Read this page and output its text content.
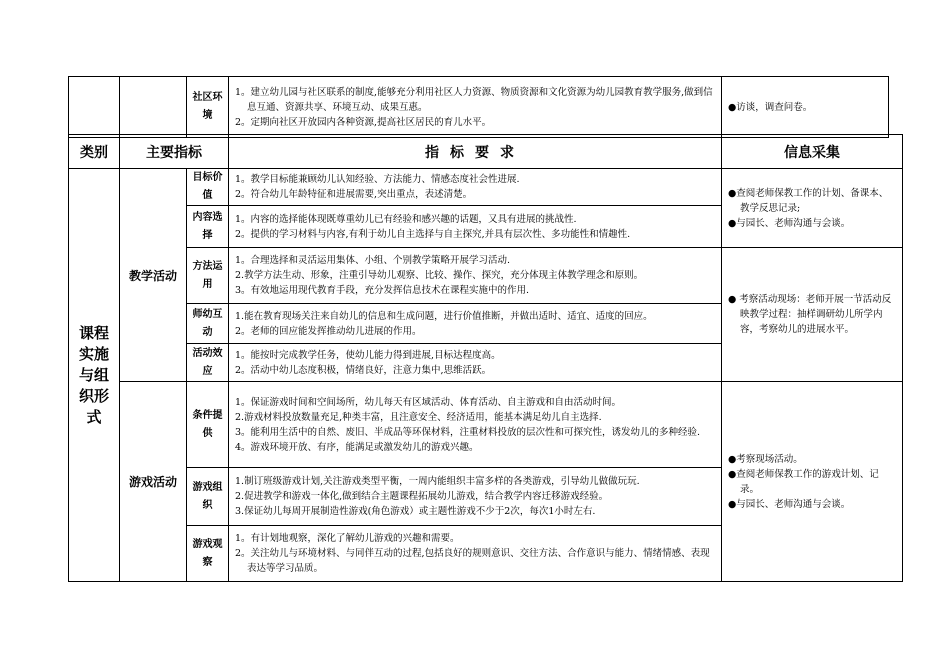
		社区环境	
1。建立幼儿园与社区联系的制度,能够充分利用社区人力资源、物质资源和文化资源为幼儿园教育教学服务,做到信息互通、资源共享、环境互动、成果互惠。
2。定期向社区开放园内各种资源,提高社区居民的育儿水平。
	●访谈，调查问卷。
类别	主要指标		指标要求	信息采集
课程实施与组织形式	教学活动	目标价值	1。教学目标能兼顾幼儿认知经验、方法能力、情感态度社会性进展.
2。符合幼儿年龄特征和进展需要,突出重点，表述清楚。	●查阅老师保教工作的计划、备课本、教学反思记录;
●与园长、老师沟通与会谈。

		内容选择	1。内容的选择能体现既尊重幼儿已有经验和感兴趣的话题，又具有进展的挑战性.
2。提供的学习材料与内容,有利于幼儿自主选择与自主探究,并具有层次性、多功能性和情趣性.	

		方法运用	1。合理选择和灵活运用集体、小组、个别教学策略开展学习活动.
2.教学方法生动、形象，注重引导幼儿观察、比较、操作、探究，充分体现主体教学理念和原则。
3。有效地运用现代教育手段，充分发挥信息技术在课程实施中的作用.	● 考察活动现场：老师开展一节活动反映教学过程：抽样调研幼儿所学内容，考察幼儿的进展水平。

		师幼互动	1.能在教育现场关注来自幼儿的信息和生成问题，进行价值推断，并做出适时、适宜、适度的回应。
2。老师的回应能发挥推动幼儿进展的作用。	

		活动效应	1。能按时完成教学任务，使幼儿能力得到进展,目标达程度高。
2。活动中幼儿态度积极，情绪良好，注意力集中,思维活跃。	

	游戏活动	条件提供	1。保证游戏时间和空间场所，幼儿每天有区域活动、体育活动、自主游戏和自由活动时间。
2.游戏材料投放数量充足,种类丰富，且注意安全、经济适用，能基本满足幼儿自主选择.
3。能利用生活中的自然、废旧、半成品等环保材料，注重材料投放的层次性和可探究性，诱发幼儿的多种经验.
4。游戏环境开放、有序，能满足或激发幼儿的游戏兴趣。	●考察现场活动。
●查阅老师保教工作的游戏计划、记录。
●与园长、老师沟通与会谈。

		游戏组织	1.制订班级游戏计划,关注游戏类型平衡，一周内能组织丰富多样的各类游戏，引导幼儿做做玩玩.
2.促进教学和游戏一体化,做到结合主题课程拓展幼儿游戏，结合教学内容迁移游戏经验。
3.保证幼儿每周开展制造性游戏(角色游戏）或主题性游戏不少于2次，每次1小时左右.	

		游戏观察	1。有计划地观察，深化了解幼儿游戏的兴趣和需要。
2。关注幼儿与环境材料、与同伴互动的过程,包括良好的规则意识、交往方法、合作意识与能力、情绪情感、表现表达等学习品质。	
